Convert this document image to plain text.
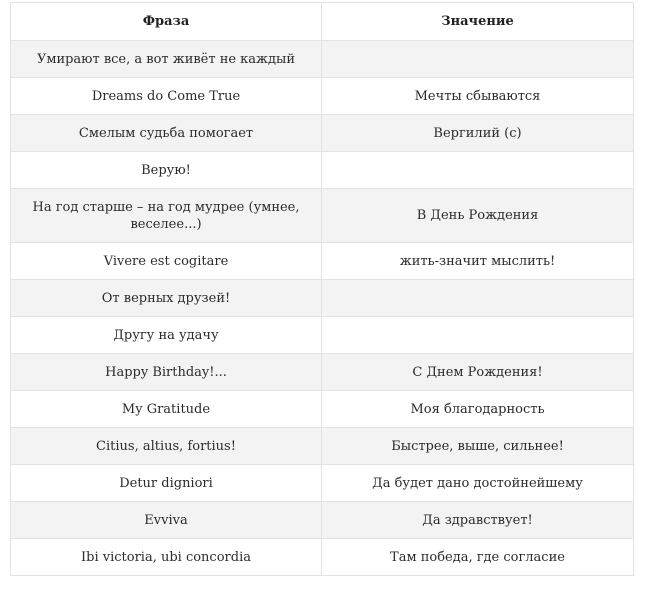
Фраза	Значение
Умирают все, а вот живёт не каждый	
Dreams do Come True	Мечты сбываются
Смелым судьба помогает	Вергилий (с)
Верую!	
На год старше – на год мудрее (умнее, веселее...)	В День Рождения
Vivere est cogitare	жить-значит мыслить!
От верных друзей!	
Другу на удачу	
Happy Birthday!...	С Днем Рождения!
My Gratitude	Моя благодарность
Citius, altius, fortius!	Быстрее, выше, сильнее!
Detur digniori	Да будет дано достойнейшему
Evviva	Да здравствует!
Ibi victoria, ubi concordia	Там победа, где согласие
